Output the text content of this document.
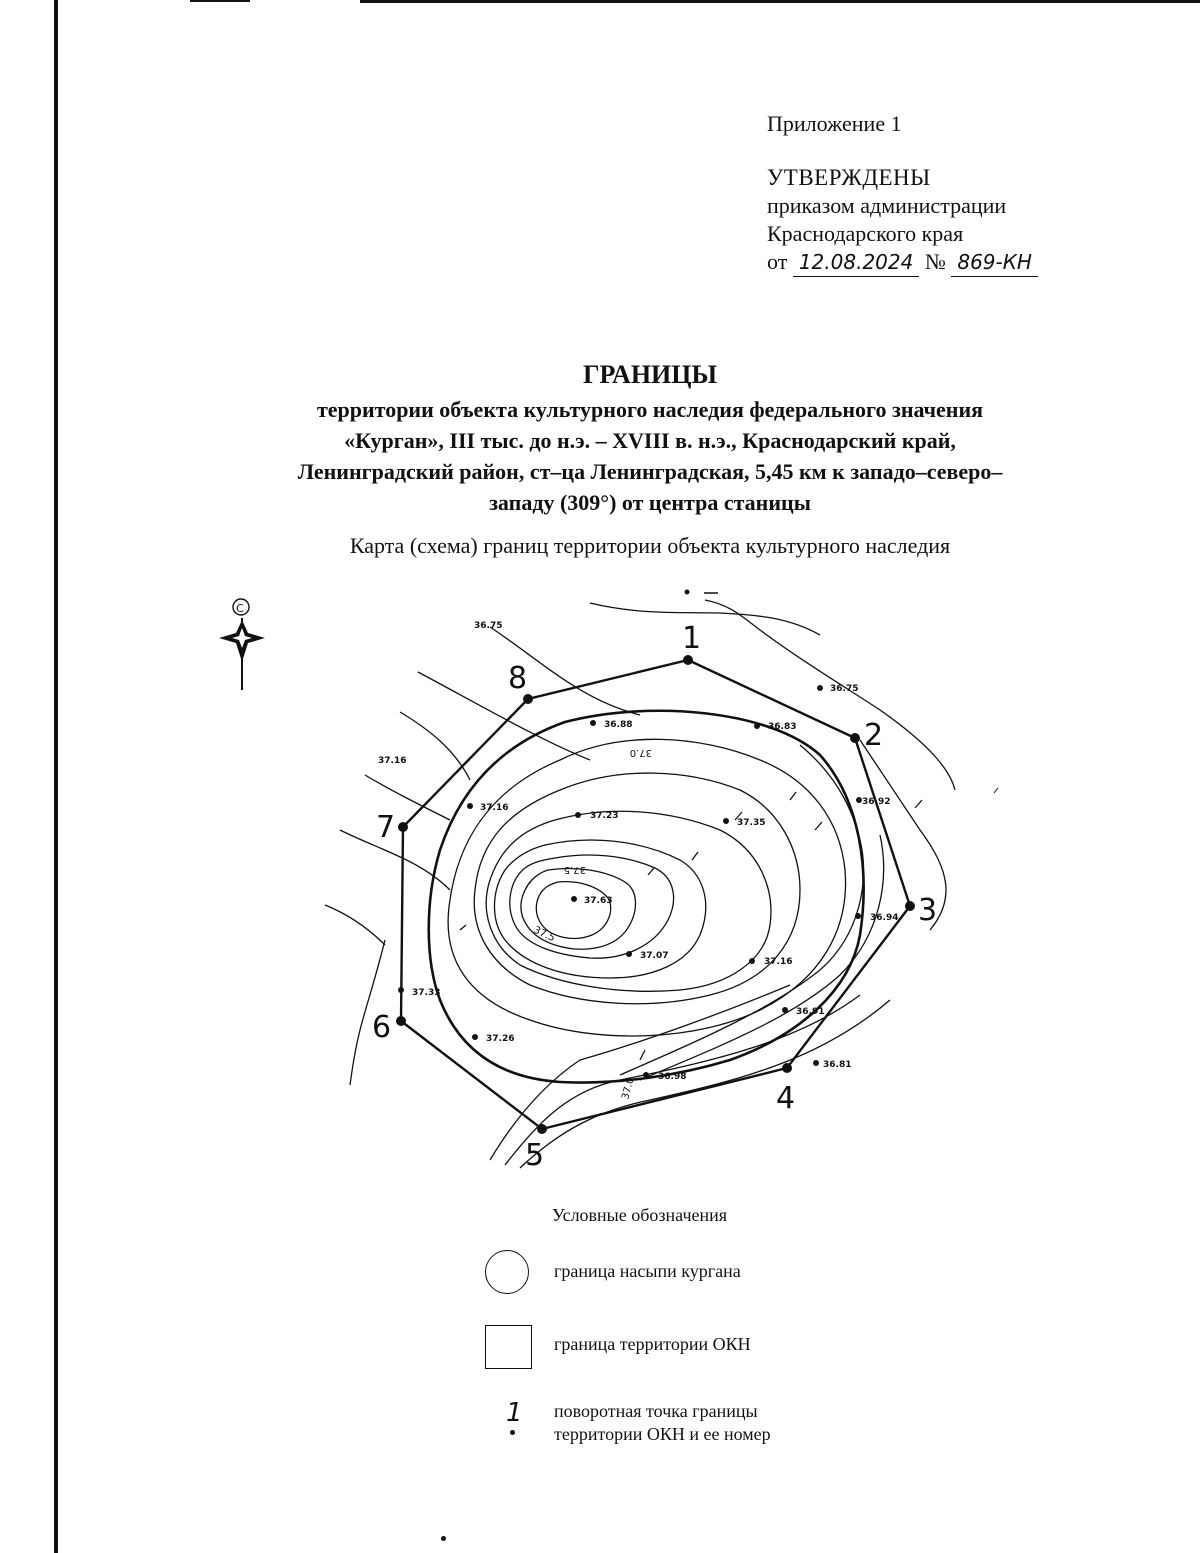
Приложение 1
УТВЕРЖДЕНЫ
приказом администрации
Краснодарского края
от 12.08.2024 № 869-КН
ГРАНИЦЫ
территории объекта культурного наследия федерального значения
«Курган», III тыс. до н.э. – XVIII в. н.э., Краснодарский край,
Ленинградский район, ст–ца Ленинградская, 5,45 км к западо–северо–
западу (309°) от центра станицы
Карта (схема) границ территории объекта культурного наследия
1
2
3
4
5
6
7
8
36.75
36.75
36.88	36.83
37.16
37.16
37.23
37.35
36.92
37.63
37.07
37.16
36.94
37.33
36.91
37.26
36.98
36.81
37.0
37.5
37.5
37.0
С
Условные обозначения
граница насыпи кургана
граница территории ОКН
1 поворотная точка границы
территории ОКН и ее номер
